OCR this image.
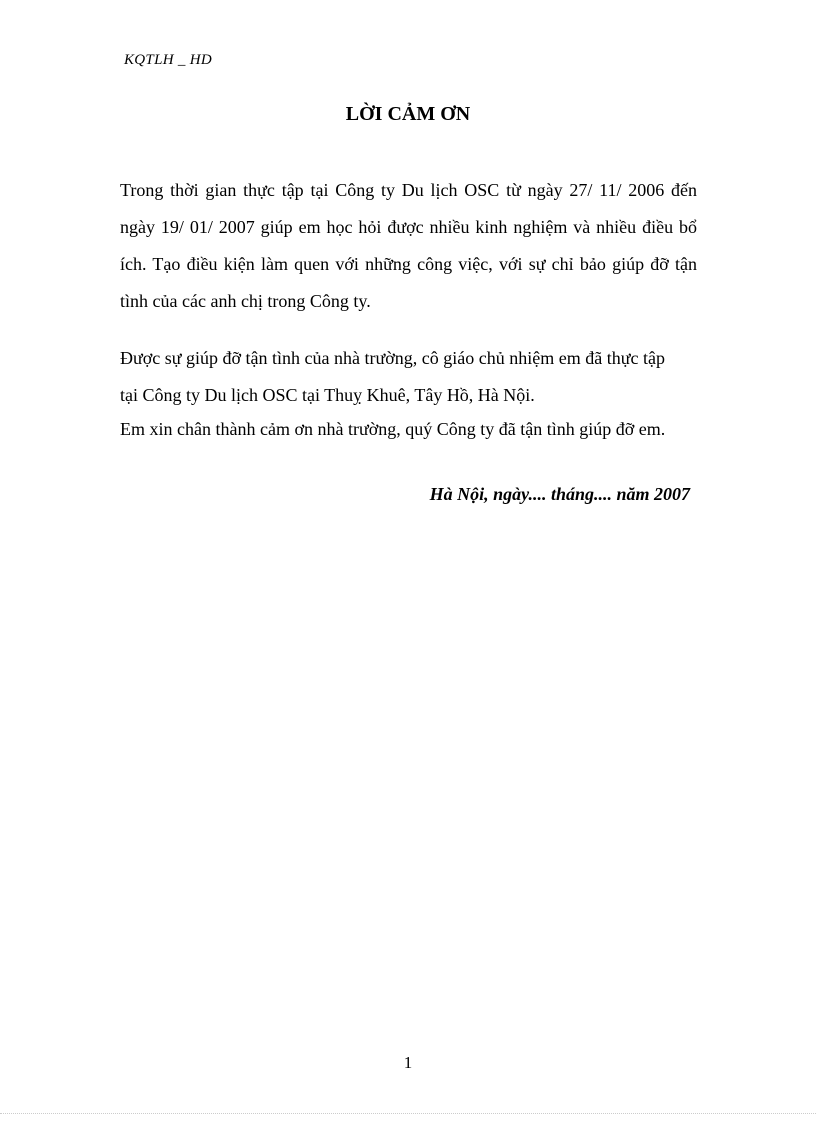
KQTLH _ HD
LỜI CẢM ƠN
Trong thời gian thực tập tại Công ty Du lịch OSC từ ngày 27/ 11/ 2006 đến ngày 19/ 01/ 2007 giúp em học hỏi được nhiều kinh nghiệm và nhiều điều bổ ích. Tạo điều kiện làm quen với những công việc, với sự chỉ bảo giúp đỡ tận tình của các anh chị trong Công ty.
Được sự giúp đỡ tận tình của nhà trường, cô giáo chủ nhiệm em đã thực tập
tại Công ty Du lịch OSC tại Thuỵ Khuê, Tây Hồ, Hà Nội.
Em xin chân thành cảm ơn nhà trường, quý Công ty đã tận tình giúp đỡ em.
Hà Nội, ngày.... tháng.... năm 2007
1
